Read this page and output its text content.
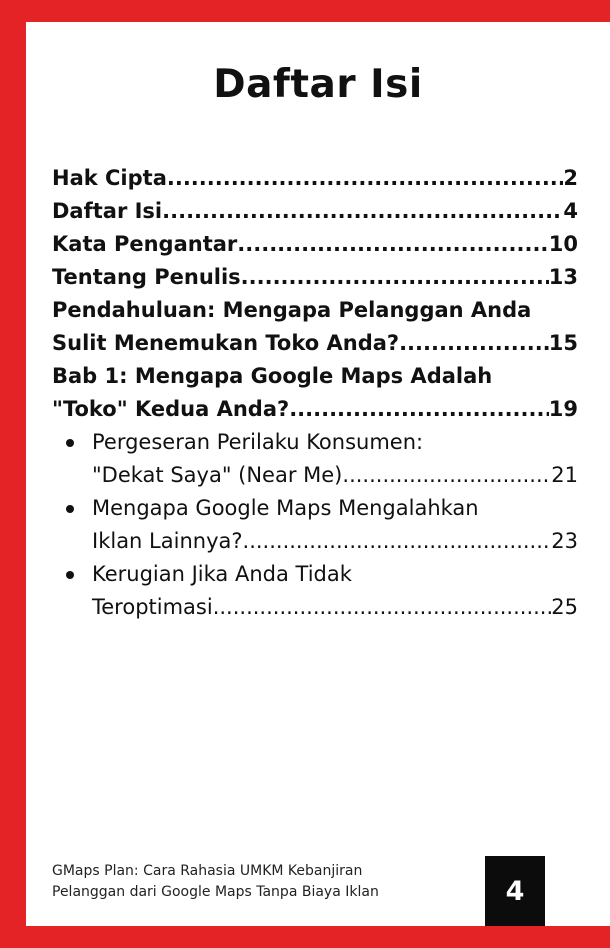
Daftar Isi
Hak Cipta .....	2
Daftar Isi .....	4
Kata Pengantar .....	10
Tentang Penulis .....	13
Pendahuluan: Mengapa Pelanggan Anda
Sulit Menemukan Toko Anda? .....	15
Bab 1: Mengapa Google Maps Adalah
"Toko" Kedua Anda? .....	19
Pergeseran Perilaku Konsumen:
"Dekat Saya" (Near Me) .....	21
Mengapa Google Maps Mengalahkan
Iklan Lainnya? .....	23
Kerugian Jika Anda Tidak
Teroptimasi .....	25
GMaps Plan: Cara Rahasia UMKM Kebanjiran
Pelanggan dari Google Maps Tanpa Biaya Iklan	4
